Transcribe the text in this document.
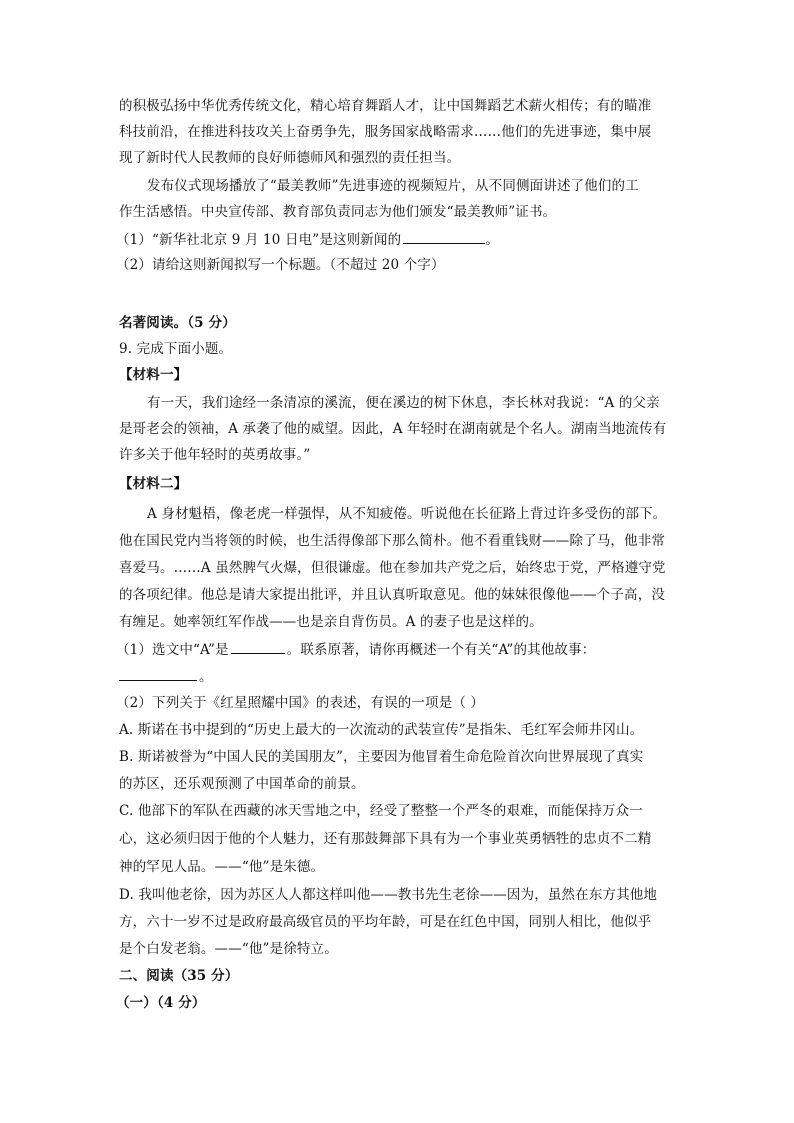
的积极弘扬中华优秀传统文化，精心培育舞蹈人才，让中国舞蹈艺术薪火相传；有的瞄准
科技前沿，在推进科技攻关上奋勇争先，服务国家战略需求……他们的先进事迹，集中展
现了新时代人民教师的良好师德师风和强烈的责任担当。
发布仪式现场播放了“最美教师”先进事迹的视频短片，从不同侧面讲述了他们的工
作生活感悟。中央宣传部、教育部负责同志为他们颁发“最美教师”证书。
（1）“新华社北京 9 月 10 日电”是这则新闻的	。
（2）请给这则新闻拟写一个标题。（不超过 20 个字）
名著阅读。（5 分）
9. 完成下面小题。
【材料一】
有一天，我们途经一条清凉的溪流，便在溪边的树下休息，李长林对我说：“A 的父亲
是哥老会的领袖，A 承袭了他的威望。因此，A 年轻时在湖南就是个名人。湖南当地流传有
许多关于他年轻时的英勇故事。”
【材料二】
A 身材魁梧，像老虎一样强悍，从不知疲倦。听说他在长征路上背过许多受伤的部下。
他在国民党内当将领的时候，也生活得像部下那么简朴。他不看重钱财——除了马，他非常
喜爱马。……A 虽然脾气火爆，但很谦虚。他在参加共产党之后，始终忠于党，严格遵守党
的各项纪律。他总是请大家提出批评，并且认真听取意见。他的妹妹很像他——个子高，没
有缠足。她率领红军作战——也是亲自背伤员。A 的妻子也是这样的。
（1）选文中“A”是	。联系原著，请你再概述一个有关“A”的其他故事：
。
（2）下列关于《红星照耀中国》的表述，有误的一项是（ ）
A. 斯诺在书中提到的“历史上最大的一次流动的武装宣传”是指朱、毛红军会师井冈山。
B. 斯诺被誉为“中国人民的美国朋友”，主要因为他冒着生命危险首次向世界展现了真实
的苏区，还乐观预测了中国革命的前景。
C. 他部下的军队在西藏的冰天雪地之中，经受了整整一个严冬的艰难，而能保持万众一
心，这必须归因于他的个人魅力，还有那鼓舞部下具有为一个事业英勇牺牲的忠贞不二精
神的罕见人品。——“他”是朱德。
D. 我叫他老徐，因为苏区人人都这样叫他——教书先生老徐——因为，虽然在东方其他地
方，六十一岁不过是政府最高级官员的平均年龄，可是在红色中国，同别人相比，他似乎
是个白发老翁。——“他”是徐特立。
二、阅读（35 分）
（一）（4 分）
